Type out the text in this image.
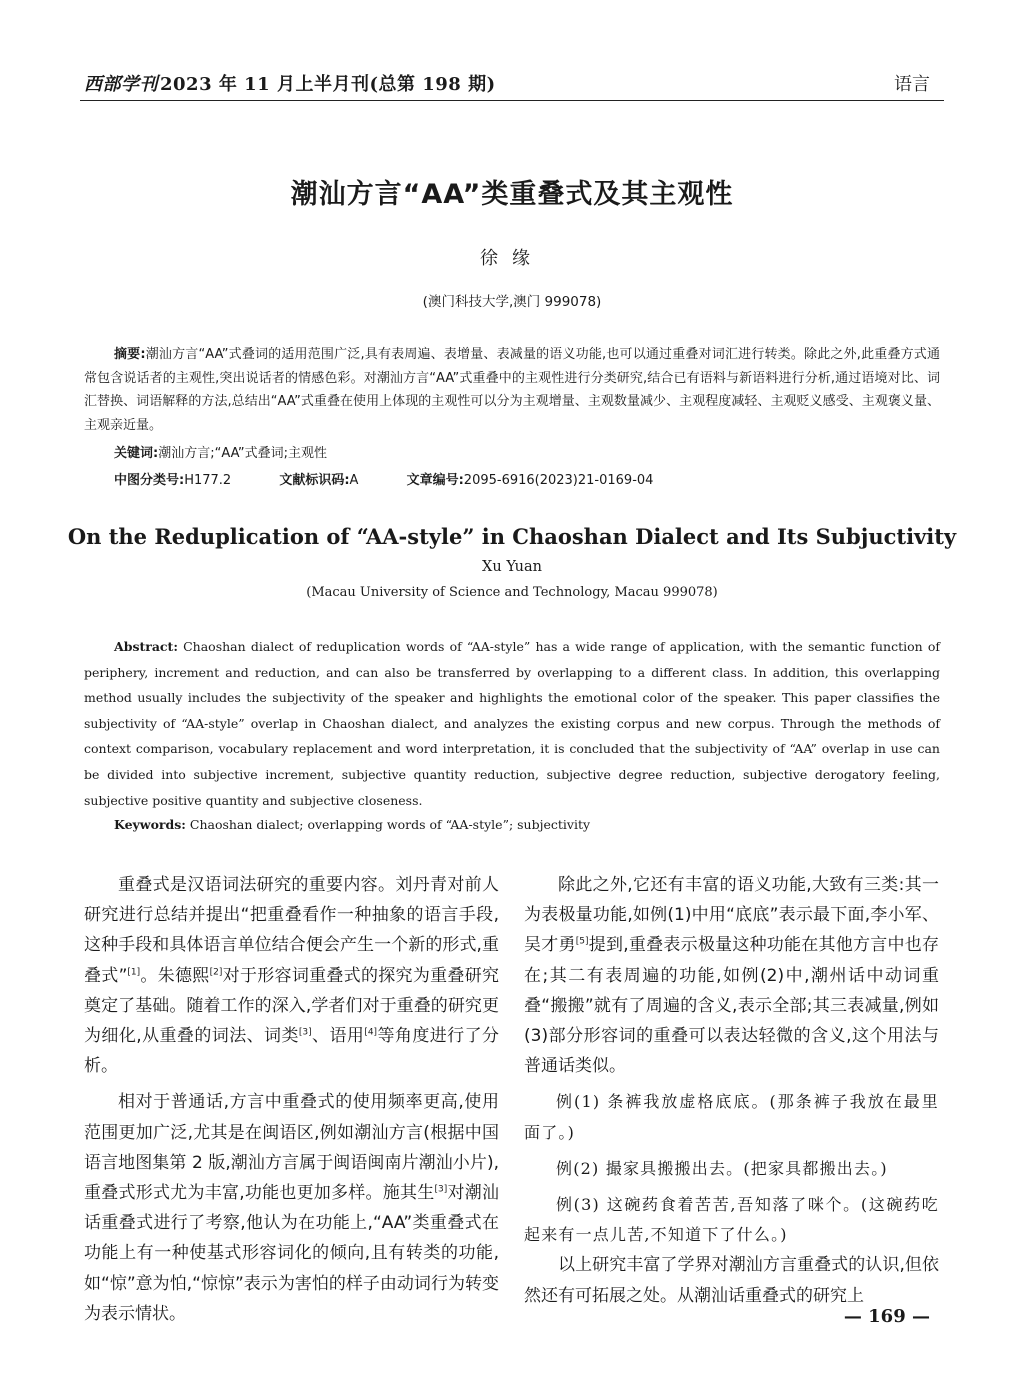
西部学刊 2023 年 11 月上半月刊(总第 198 期)	语言
潮汕方言“AA”类重叠式及其主观性
徐缘
(澳门科技大学,澳门 999078)
摘要:潮汕方言“AA”式叠词的适用范围广泛,具有表周遍、表增量、表减量的语义功能,也可以通过重叠对词汇进行转类。除此之外,此重叠方式通常包含说话者的主观性,突出说话者的情感色彩。对潮汕方言“AA”式重叠中的主观性进行分类研究,结合已有语料与新语料进行分析,通过语境对比、词汇替换、词语解释的方法,总结出“AA”式重叠在使用上体现的主观性可以分为主观增量、主观数量减少、主观程度减轻、主观贬义感受、主观褒义量、主观亲近量。
关键词:潮汕方言;“AA”式叠词;主观性
中图分类号:H177.2	文献标识码:A	文章编号:2095-6916(2023)21-0169-04
On the Reduplication of “AA-style” in Chaoshan Dialect and Its Subjuctivity
Xu Yuan
(Macau University of Science and Technology, Macau 999078)
Abstract: Chaoshan dialect of reduplication words of “AA-style” has a wide range of application, with the semantic function of periphery, increment and reduction, and can also be transferred by overlapping to a different class. In addition, this overlapping method usually includes the subjectivity of the speaker and highlights the emotional color of the speaker. This paper classifies the subjectivity of “AA-style” overlap in Chaoshan dialect, and analyzes the existing corpus and new corpus. Through the methods of context comparison, vocabulary replacement and word interpretation, it is concluded that the subjectivity of “AA” overlap in use can be divided into subjective increment, subjective quantity reduction, subjective degree reduction, subjective derogatory feeling, subjective positive quantity and subjective closeness.
Keywords: Chaoshan dialect; overlapping words of “AA-style”; subjectivity

重叠式是汉语词法研究的重要内容。刘丹青对前人研究进行总结并提出“把重叠看作一种抽象的语言手段,这种手段和具体语言单位结合便会产生一个新的形式,重叠式”[1]。朱德熙[2]对于形容词重叠式的探究为重叠研究奠定了基础。随着工作的深入,学者们对于重叠的研究更为细化,从重叠的词法、词类[3]、语用[4]等角度进行了分析。

相对于普通话,方言中重叠式的使用频率更高,使用范围更加广泛,尤其是在闽语区,例如潮汕方言(根据中国语言地图集第 2 版,潮汕方言属于闽语闽南片潮汕小片),重叠式形式尤为丰富,功能也更加多样。施其生[3]对潮汕话重叠式进行了考察,他认为在功能上,“AA”类重叠式在功能上有一种使基式形容词化的倾向,且有转类的功能,如“惊”意为怕,“惊惊”表示为害怕的样子由动词行为转变为表示情状。

除此之外,它还有丰富的语义功能,大致有三类:其一为表极量功能,如例(1)中用“底底”表示最下面,李小军、吴才勇[5]提到,重叠表示极量这种功能在其他方言中也存在;其二有表周遍的功能,如例(2)中,潮州话中动词重叠“搬搬”就有了周遍的含义,表示全部;其三表减量,例如(3)部分形容词的重叠可以表达轻微的含义,这个用法与普通话类似。

例(1) 条裤我放虚格底底。(那条裤子我放在最里面了。)

例(2) 撮家具搬搬出去。(把家具都搬出去。)

例(3) 这碗药食着苦苦,吾知落了咪个。(这碗药吃起来有一点儿苦,不知道下了什么。)

以上研究丰富了学界对潮汕方言重叠式的认识,但依然还有可拓展之处。从潮汕话重叠式的研究上

— 169 —
